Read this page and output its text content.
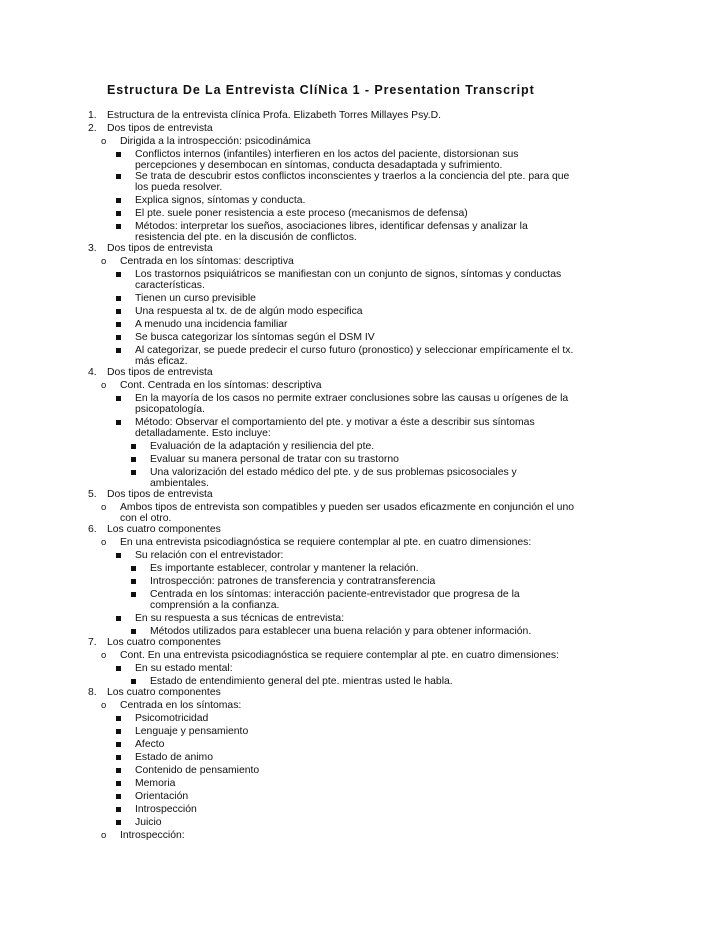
Estructura De La Entrevista ClíNica 1 - Presentation Transcript
1. Estructura de la entrevista clínica Profa. Elizabeth Torres Millayes Psy.D.
2. Dos tipos de entrevista
o Dirigida a la introspección: psicodinámica
Conflictos internos (infantiles) interfieren en los actos del paciente, distorsionan sus
percepciones y desembocan en síntomas, conducta desadaptada y sufrimiento.
Se trata de descubrir estos conflictos inconscientes y traerlos a la conciencia del pte. para que
los pueda resolver.
Explica signos, síntomas y conducta.
El pte. suele poner resistencia a este proceso (mecanismos de defensa)
Métodos: interpretar los sueños, asociaciones libres, identificar defensas y analizar la
resistencia del pte. en la discusión de conflictos.
3. Dos tipos de entrevista
o Centrada en los síntomas: descriptiva
Los trastornos psiquiátricos se manifiestan con un conjunto de signos, síntomas y conductas
características.
Tienen un curso previsible
Una respuesta al tx. de de algún modo especifica
A menudo una incidencia familiar
Se busca categorizar los síntomas según el DSM IV
Al categorizar, se puede predecir el curso futuro (pronostico) y seleccionar empíricamente el tx.
más eficaz.
4. Dos tipos de entrevista
o Cont. Centrada en los síntomas: descriptiva
En la mayoría de los casos no permite extraer conclusiones sobre las causas u orígenes de la
psicopatología.
Método: Observar el comportamiento del pte. y motivar a éste a describir sus síntomas
detalladamente. Esto incluye:
Evaluación de la adaptación y resiliencia del pte.
Evaluar su manera personal de tratar con su trastorno
Una valorización del estado médico del pte. y de sus problemas psicosociales y
ambientales.
5. Dos tipos de entrevista
o Ambos tipos de entrevista son compatibles y pueden ser usados eficazmente en conjunción el uno
con el otro.
6. Los cuatro componentes
o En una entrevista psicodiagnóstica se requiere contemplar al pte. en cuatro dimensiones:
Su relación con el entrevistador:
Es importante establecer, controlar y mantener la relación.
Introspección: patrones de transferencia y contratransferencia
Centrada en los síntomas: interacción paciente-entrevistador que progresa de la
comprensión a la confianza.
En su respuesta a sus técnicas de entrevista:
Métodos utilizados para establecer una buena relación y para obtener información.
7. Los cuatro componentes
o Cont. En una entrevista psicodiagnóstica se requiere contemplar al pte. en cuatro dimensiones:
En su estado mental:
Estado de entendimiento general del pte. mientras usted le habla.
8. Los cuatro componentes
o Centrada en los síntomas:
Psicomotricidad
Lenguaje y pensamiento
Afecto
Estado de animo
Contenido de pensamiento
Memoria
Orientación
Introspección
Juicio
o Introspección:
